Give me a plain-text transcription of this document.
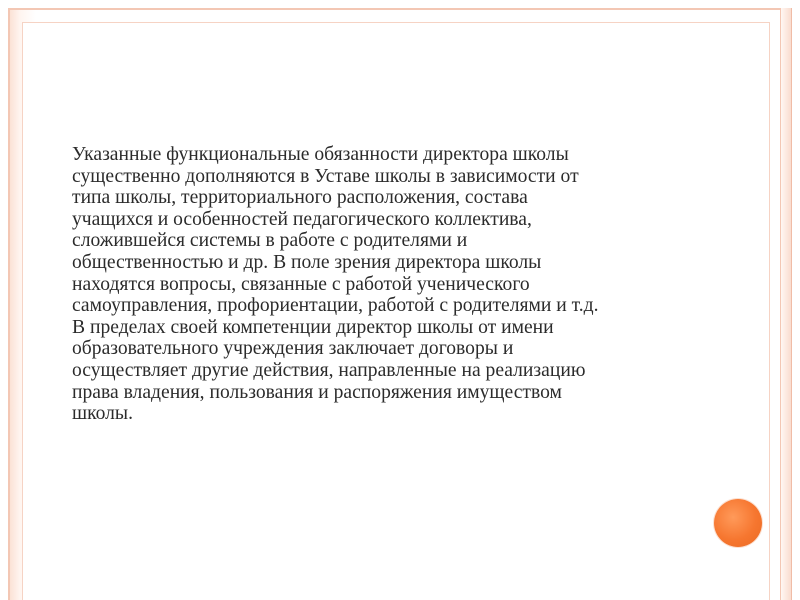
Указанные функциональные обязанности директора школы
существенно дополняются в Уставе школы в зависимости от
типа школы, территориального расположения, состава
учащихся и особенностей педагогического коллектива,
сложившейся системы в работе с родителями и
общественностью и др. В поле зрения директора школы
находятся вопросы, связанные с работой ученического
самоуправления, профориентации, работой с родителями и т.д.
В пределах своей компетенции директор школы от имени
образовательного учреждения заключает договоры и
осуществляет другие действия, направленные на реализацию
права владения, пользования и распоряжения имуществом
школы.
